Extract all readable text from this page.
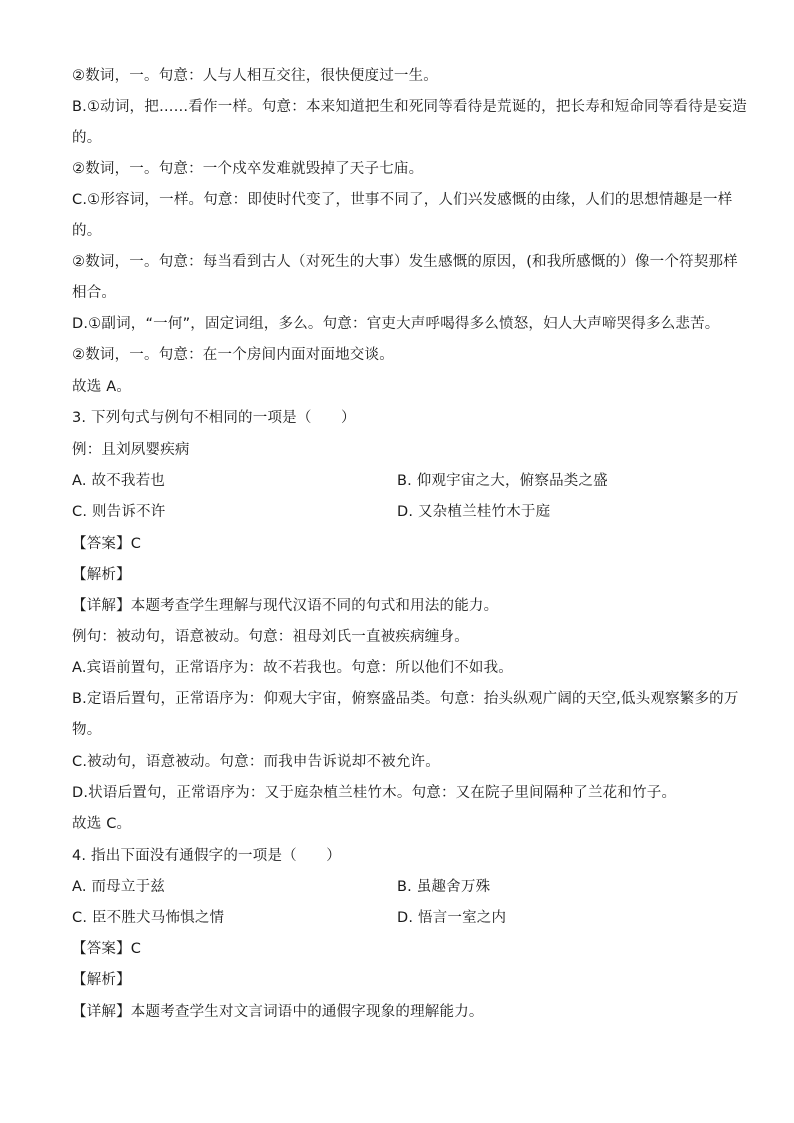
②数词，一。句意：人与人相互交往，很快便度过一生。
B.①动词，把……看作一样。句意：本来知道把生和死同等看待是荒诞的，把长寿和短命同等看待是妄造
的。
②数词，一。句意：一个戍卒发难就毁掉了天子七庙。
C.①形容词，一样。句意：即使时代变了，世事不同了，人们兴发感慨的由缘，人们的思想情趣是一样
的。
②数词，一。句意：每当看到古人（对死生的大事）发生感慨的原因，(和我所感慨的）像一个符契那样
相合。
D.①副词，“一何”，固定词组，多么。句意：官吏大声呼喝得多么愤怒，妇人大声啼哭得多么悲苦。
②数词，一。句意：在一个房间内面对面地交谈。
故选 A。
3. 下列句式与例句不相同的一项是（　　）
例：且刘夙婴疾病
A. 故不我若也	B. 仰观宇宙之大，俯察品类之盛
C. 则告诉不许	D. 又杂植兰桂竹木于庭
【答案】C
【解析】
【详解】本题考查学生理解与现代汉语不同的句式和用法的能力。
例句：被动句，语意被动。句意：祖母刘氏一直被疾病缠身。
A.宾语前置句，正常语序为：故不若我也。句意：所以他们不如我。
B.定语后置句，正常语序为：仰观大宇宙，俯察盛品类。句意：抬头纵观广阔的天空,低头观察繁多的万
物。
C.被动句，语意被动。句意：而我申告诉说却不被允许。
D.状语后置句，正常语序为：又于庭杂植兰桂竹木。句意：又在院子里间隔种了兰花和竹子。
故选 C。
4. 指出下面没有通假字的一项是（　　）
A. 而母立于兹	B. 虽趣舍万殊
C. 臣不胜犬马怖惧之情	D. 悟言一室之内
【答案】C
【解析】
【详解】本题考查学生对文言词语中的通假字现象的理解能力。
